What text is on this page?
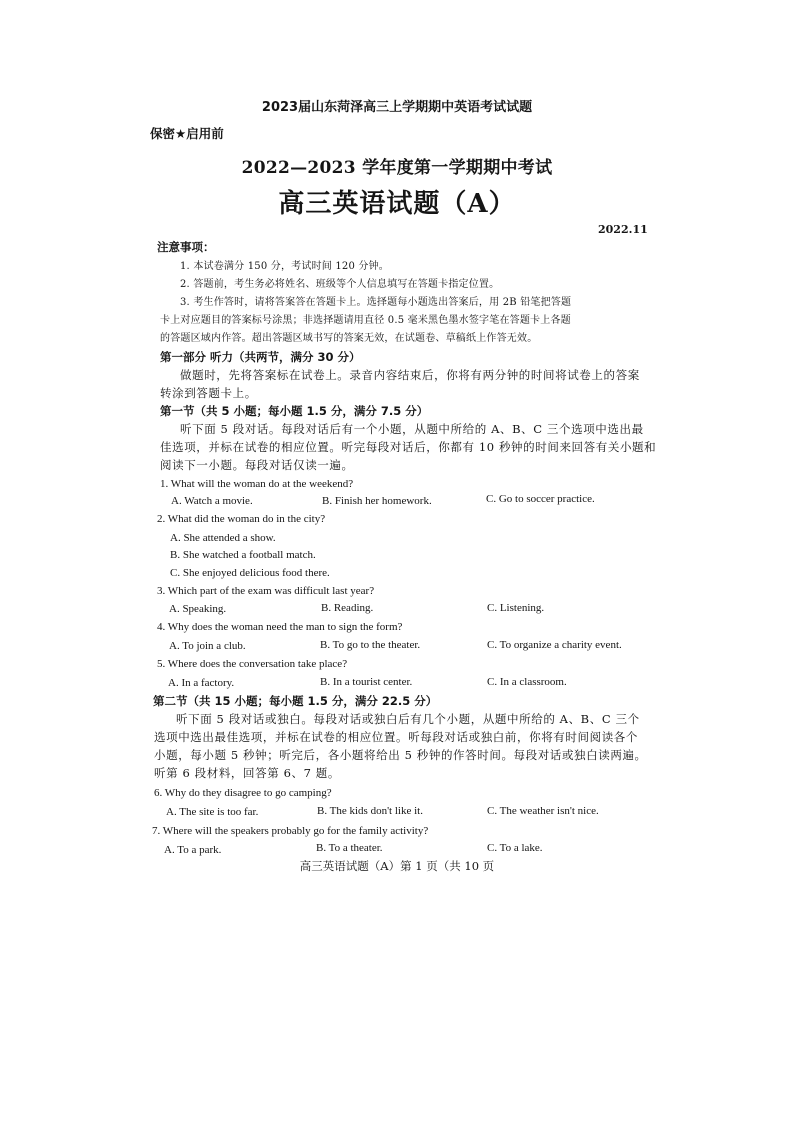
2023届山东菏泽高三上学期期中英语考试试题
保密★启用前
2022—2023 学年度第一学期期中考试
高三英语试题（A）
2022.11
注意事项：
1. 本试卷满分 150 分，考试时间 120 分钟。
2. 答题前，考生务必将姓名、班级等个人信息填写在答题卡指定位置。
3. 考生作答时，请将答案答在答题卡上。选择题每小题选出答案后，用 2B 铅笔把答题
卡上对应题目的答案标号涂黑；非选择题请用直径 0.5 毫米黑色墨水签字笔在答题卡上各题
的答题区域内作答。超出答题区域书写的答案无效，在试题卷、草稿纸上作答无效。
第一部分 听力（共两节，满分 30 分）
做题时，先将答案标在试卷上。录音内容结束后，你将有两分钟的时间将试卷上的答案
转涂到答题卡上。
第一节（共 5 小题；每小题 1.5 分，满分 7.5 分）
听下面 5 段对话。每段对话后有一个小题，从题中所给的 A、B、C 三个选项中选出最
佳选项，并标在试卷的相应位置。听完每段对话后，你都有 10 秒钟的时间来回答有关小题和
阅读下一小题。每段对话仅读一遍。
1. What will the woman do at the weekend?
A. Watch a movie.	B. Finish her homework.	C. Go to soccer practice.
2. What did the woman do in the city?
A. She attended a show.
B. She watched a football match.
C. She enjoyed delicious food there.
3. Which part of the exam was difficult last year?
A. Speaking.	B. Reading.	C. Listening.
4. Why does the woman need the man to sign the form?
A. To join a club.	B. To go to the theater.	C. To organize a charity event.
5. Where does the conversation take place?
A. In a factory.	B. In a tourist center.	C. In a classroom.
第二节（共 15 小题；每小题 1.5 分，满分 22.5 分）
听下面 5 段对话或独白。每段对话或独白后有几个小题，从题中所给的 A、B、C 三个
选项中选出最佳选项，并标在试卷的相应位置。听每段对话或独白前，你将有时间阅读各个
小题，每小题 5 秒钟；听完后，各小题将给出 5 秒钟的作答时间。每段对话或独白读两遍。
听第 6 段材料，回答第 6、7 题。
6. Why do they disagree to go camping?
A. The site is too far.	B. The kids don't like it.	C. The weather isn't nice.
7. Where will the speakers probably go for the family activity?
A. To a park.	B. To a theater.	C. To a lake.
高三英语试题（A）第 1 页（共 10 页
